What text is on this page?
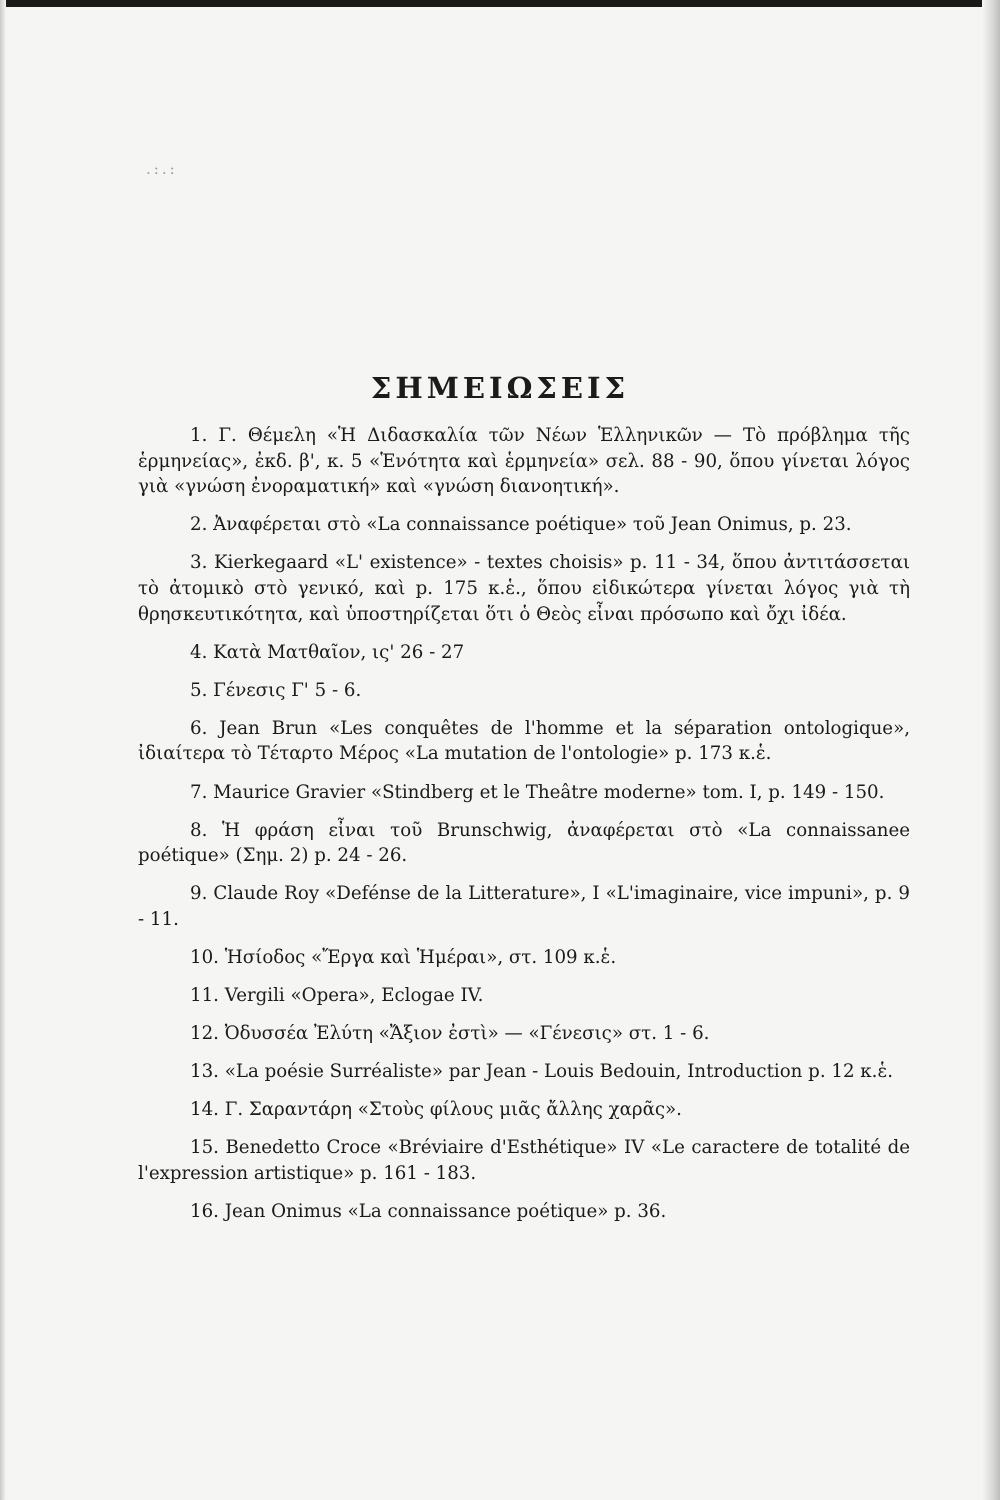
.:.:
ΣΗΜΕΙΩΣΕΙΣ
1. Γ. Θέμελη «Ἡ Διδασκαλία τῶν Νέων Ἑλληνικῶν — Τὸ πρόβλημα τῆς ἑρμηνείας», ἐκδ. β', κ. 5 «Ἑνότητα καὶ ἑρμηνεία» σελ. 88 - 90, ὅπου γίνεται λόγος γιὰ «γνώση ἐνοραματική» καὶ «γνώση διανοητική».
2. Ἀναφέρεται στὸ «La connaissance poétique» τοῦ Jean Onimus, p. 23.
3. Kierkegaard «L' existence» - textes choisis» p. 11 - 34, ὅπου ἀντιτάσσεται τὸ ἀτομικὸ στὸ γενικό, καὶ p. 175 κ.ἑ., ὅπου εἰδικώτερα γίνεται λόγος γιὰ τὴ θρησκευτικότητα, καὶ ὑποστηρίζεται ὅτι ὁ Θεὸς εἶναι πρόσωπο καὶ ὄχι ἰδέα.
4. Κατὰ Ματθαῖον, ις' 26 - 27
5. Γένεσις Γ' 5 - 6.
6. Jean Brun «Les conquêtes de l'homme et la séparation ontologique», ἰδιαίτερα τὸ Τέταρτο Μέρος «La mutation de l'ontologie» p. 173 κ.ἑ.
7. Maurice Gravier «Stindberg et le Theâtre moderne» tom. I, p. 149 - 150.
8. Ἡ φράση εἶναι τοῦ Brunschwig, ἀναφέρεται στὸ «La connaissanee poétique» (Σημ. 2) p. 24 - 26.
9. Claude Roy «Defénse de la Litterature», I «L'imaginaire, vice impuni», p. 9 - 11.
10. Ἡσίοδος «Ἔργα καὶ Ἡμέραι», στ. 109 κ.ἑ.
11. Vergili «Opera», Eclogae IV.
12. Ὀδυσσέα Ἐλύτη «Ἄξιον ἐστὶ» — «Γένεσις» στ. 1 - 6.
13. «La poésie Surréaliste» par Jean - Louis Bedouin, Introduction p. 12 κ.ἑ.
14. Γ. Σαραντάρη «Στοὺς φίλους μιᾶς ἄλλης χαρᾶς».
15. Benedetto Croce «Bréviaire d'Esthétique» IV «Le caractere de totalité de l'expression artistique» p. 161 - 183.
16. Jean Onimus «La connaissance poétique» p. 36.
